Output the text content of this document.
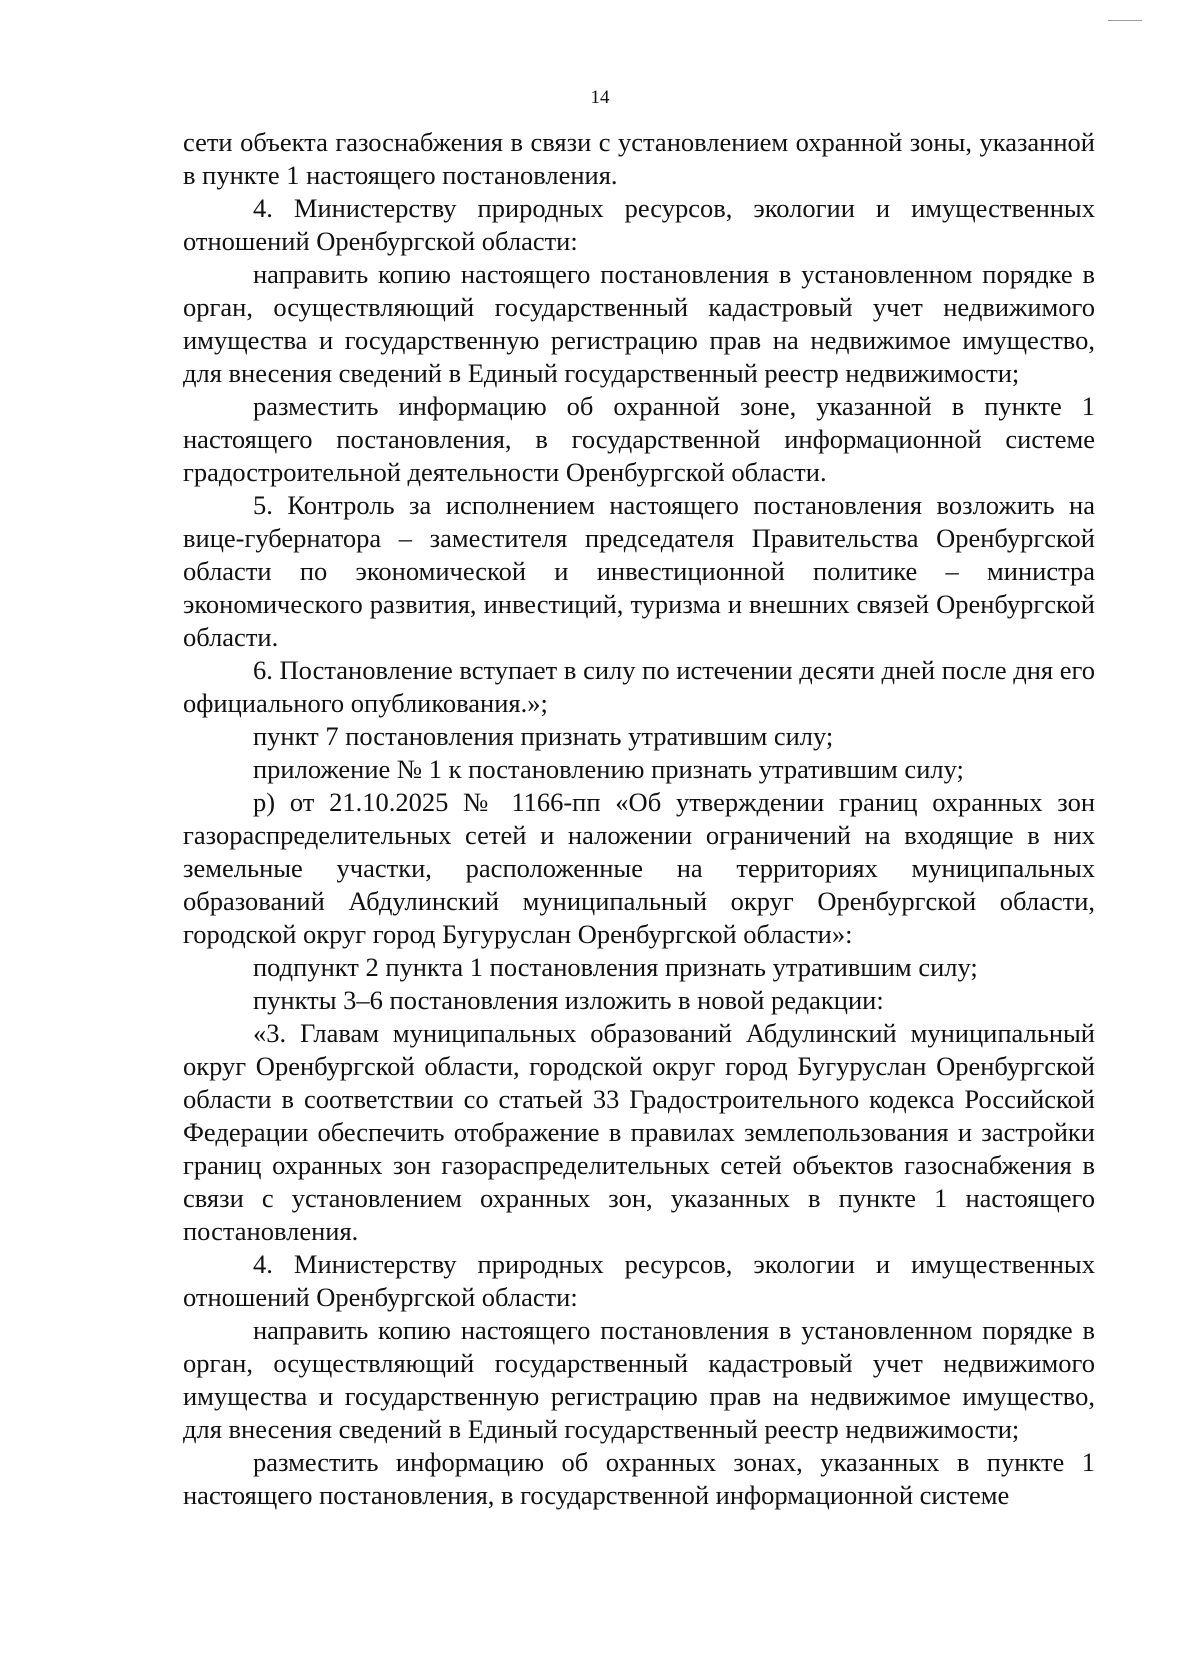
14

сети объекта газоснабжения в связи с установлением охранной зоны, указанной в пункте 1 настоящего постановления.

4. Министерству природных ресурсов, экологии и имущественных отношений Оренбургской области:

направить копию настоящего постановления в установленном порядке в орган, осуществляющий государственный кадастровый учет недвижимого имущества и государственную регистрацию прав на недвижимое имущество, для внесения сведений в Единый государственный реестр недвижимости;

разместить информацию об охранной зоне, указанной в пункте 1 настоящего постановления, в государственной информационной системе градостроительной деятельности Оренбургской области.

5. Контроль за исполнением настоящего постановления возложить на вице-губернатора – заместителя председателя Правительства Оренбургской области по экономической и инвестиционной политике – министра экономического развития, инвестиций, туризма и внешних связей Оренбургской области.

6. Постановление вступает в силу по истечении десяти дней после дня его официального опубликования.»;

пункт 7 постановления признать утратившим силу;

приложение № 1 к постановлению признать утратившим силу;

р) от 21.10.2025 № 1166-пп «Об утверждении границ охранных зон газораспределительных сетей и наложении ограничений на входящие в них земельные участки, расположенные на территориях муниципальных образований Абдулинский муниципальный округ Оренбургской области, городской округ город Бугуруслан Оренбургской области»:

подпункт 2 пункта 1 постановления признать утратившим силу;

пункты 3–6 постановления изложить в новой редакции:

«3. Главам муниципальных образований Абдулинский муниципальный округ Оренбургской области, городской округ город Бугуруслан Оренбургской области в соответствии со статьей 33 Градостроительного кодекса Российской Федерации обеспечить отображение в правилах землепользования и застройки границ охранных зон газораспределительных сетей объектов газоснабжения в связи с установлением охранных зон, указанных в пункте 1 настоящего постановления.

4. Министерству природных ресурсов, экологии и имущественных отношений Оренбургской области:

направить копию настоящего постановления в установленном порядке в орган, осуществляющий государственный кадастровый учет недвижимого имущества и государственную регистрацию прав на недвижимое имущество, для внесения сведений в Единый государственный реестр недвижимости;

разместить информацию об охранных зонах, указанных в пункте 1 настоящего постановления, в государственной информационной системе
